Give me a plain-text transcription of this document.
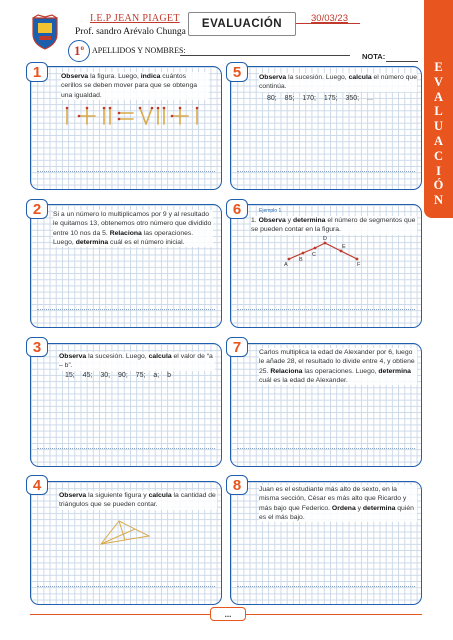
I.E.P JEAN PIAGET
Prof. sandro Arévalo Chunga
EVALUACIÓN	30/03/23
1$^o$ APELLIDOS Y NOMBRES:
NOTA:
E
V
A
L
U
A
C
I
Ó
N
Observa la figura. Luego, indica cuántos cerillos se deben mover para que se obtenga una igualdad.
1	Observa la sucesión. Luego, calcula el número que continúa.
80; 85; 170; 175; 350; ...
5
Si a un número lo multiplicamos por 9 y al resultado le quitamos 13, obtenemos otro número que dividido entre 10 nos da 5. Relaciona las operaciones. Luego, determina cuál es el número inicial.
2	Ejemplo 1
1. Observa y determina el número de segmentos que se pueden contar en la figura.
A
B
C
D
E
F
6
Observa la sucesión. Luego, calcula el valor de “a – b”.
15; 45; 30; 90; 75; a; b
3	Carlos multiplica la edad de Alexander por 6, luego le añade 28, el resultado lo divide entre 4, y obtiene 25. Relaciona las operaciones. Luego, determina cuál es la edad de Alexander.
7
Observa la siguiente figura y calcula la cantidad de triángulos que se pueden contar.
4	Juan es el estudiante más alto de sexto, en la misma sección, César es más alto que Ricardo y más bajo que Federico. Ordena y determina quién es el más bajo.
8
...
